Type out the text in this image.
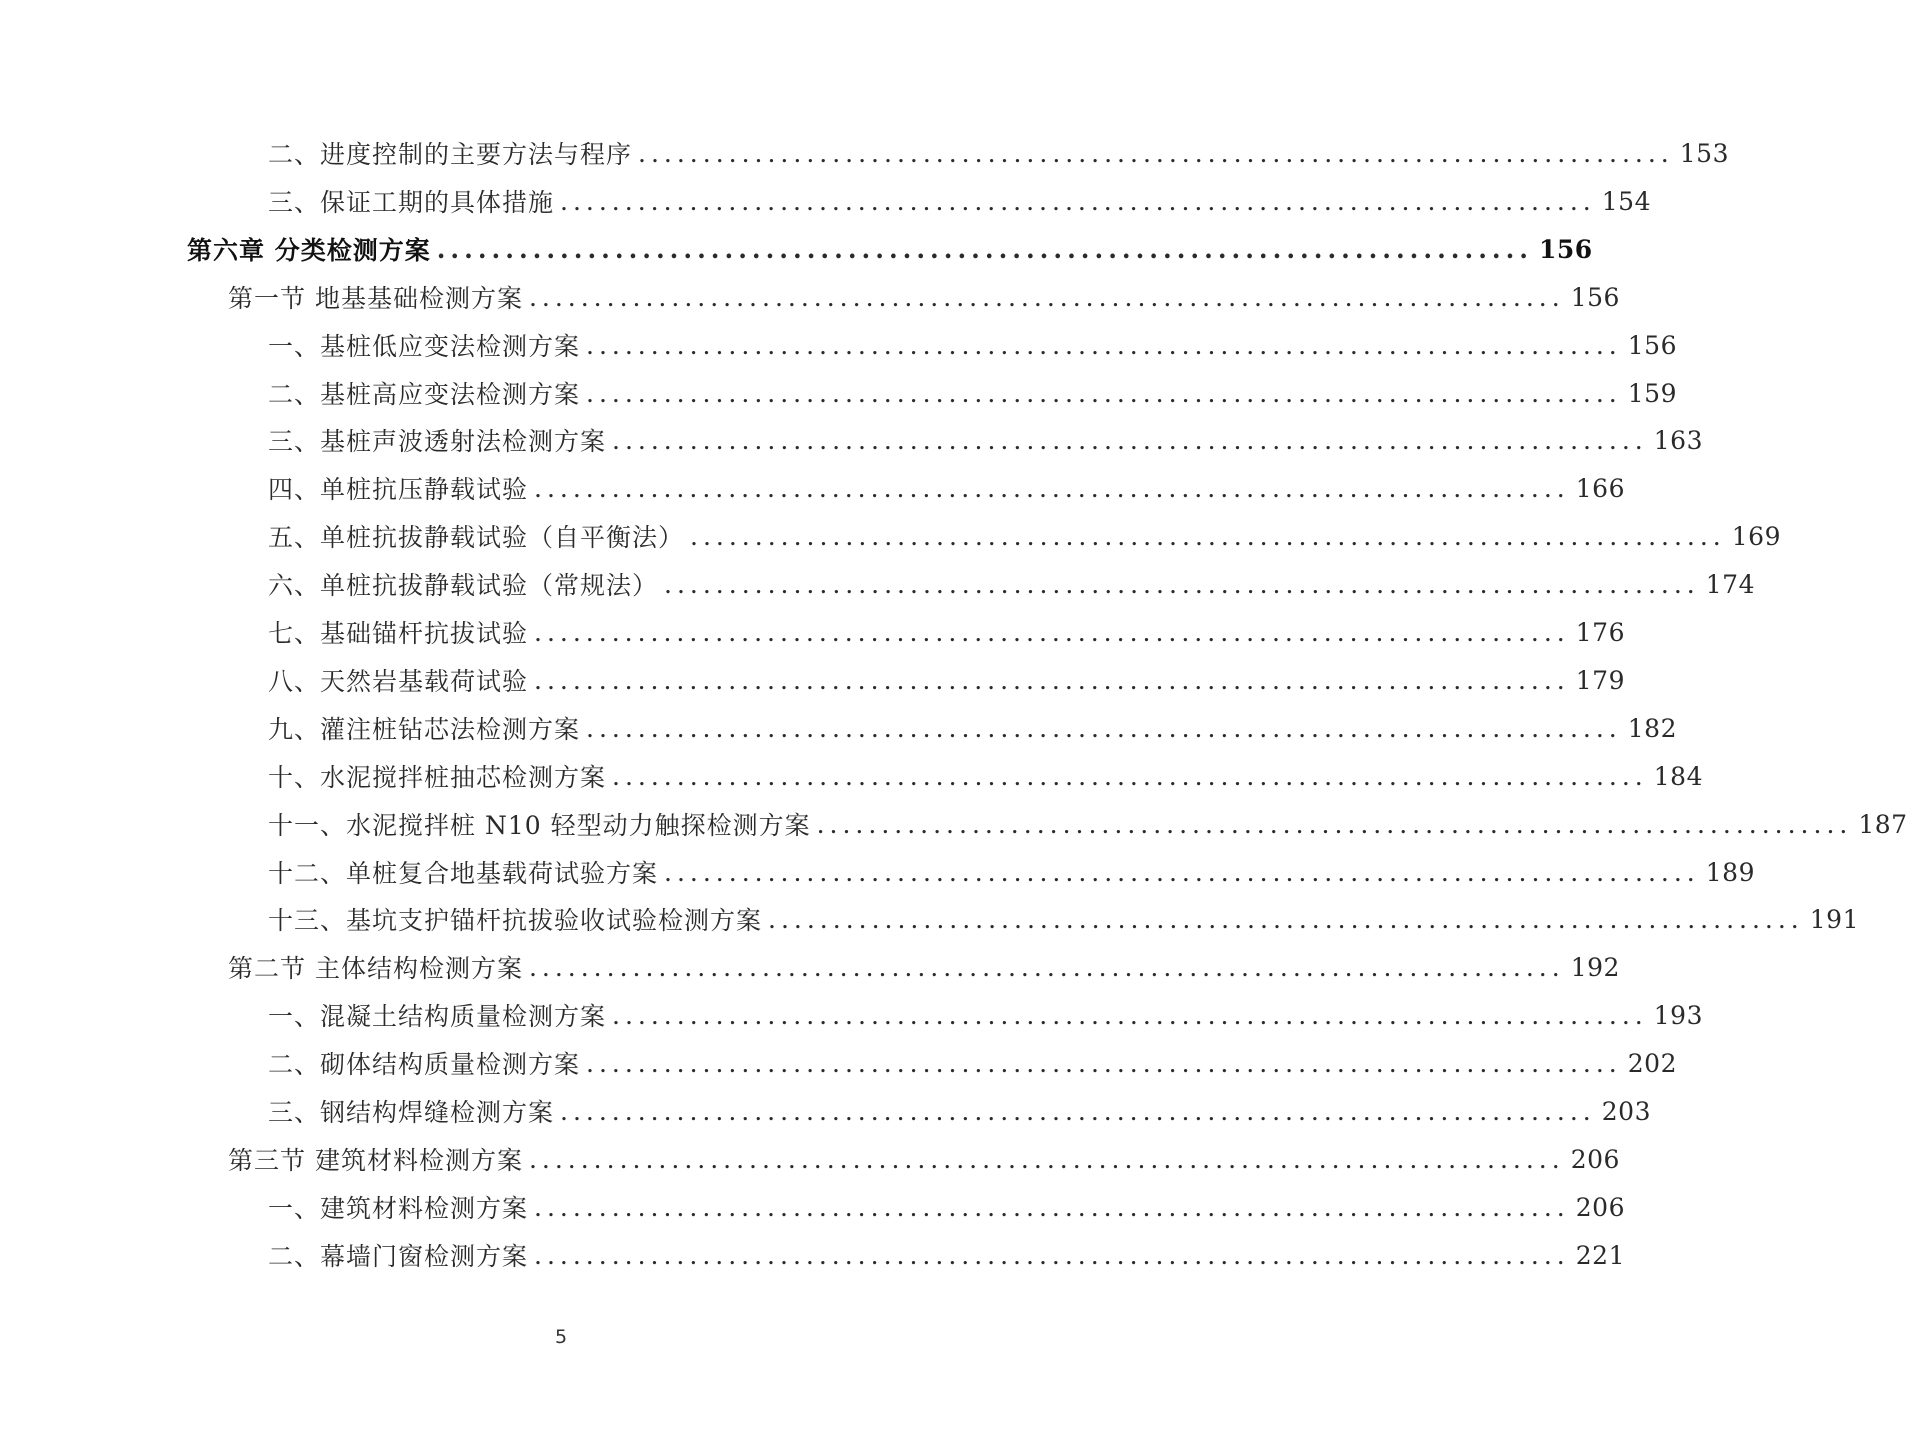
二、进度控制的主要方法与程序 ................................................................................ 153
三、保证工期的具体措施 ................................................................................ 154
第六章 分类检测方案 ................................................................................ 156
第一节 地基基础检测方案 ................................................................................ 156
一、基桩低应变法检测方案 ................................................................................ 156
二、基桩高应变法检测方案 ................................................................................ 159
三、基桩声波透射法检测方案 ................................................................................ 163
四、单桩抗压静载试验 ................................................................................ 166
五、单桩抗拔静载试验（自平衡法） ................................................................................ 169
六、单桩抗拔静载试验（常规法） ................................................................................ 174
七、基础锚杆抗拔试验 ................................................................................ 176
八、天然岩基载荷试验 ................................................................................ 179
九、灌注桩钻芯法检测方案 ................................................................................ 182
十、水泥搅拌桩抽芯检测方案 ................................................................................ 184
十一、水泥搅拌桩 N10 轻型动力触探检测方案 ................................................................................ 187
十二、单桩复合地基载荷试验方案 ................................................................................ 189
十三、基坑支护锚杆抗拔验收试验检测方案 ................................................................................ 191
第二节 主体结构检测方案 ................................................................................ 192
一、混凝土结构质量检测方案 ................................................................................ 193
二、砌体结构质量检测方案 ................................................................................ 202
三、钢结构焊缝检测方案 ................................................................................ 203
第三节 建筑材料检测方案 ................................................................................ 206
一、建筑材料检测方案 ................................................................................ 206
二、幕墙门窗检测方案 ................................................................................ 221
5
